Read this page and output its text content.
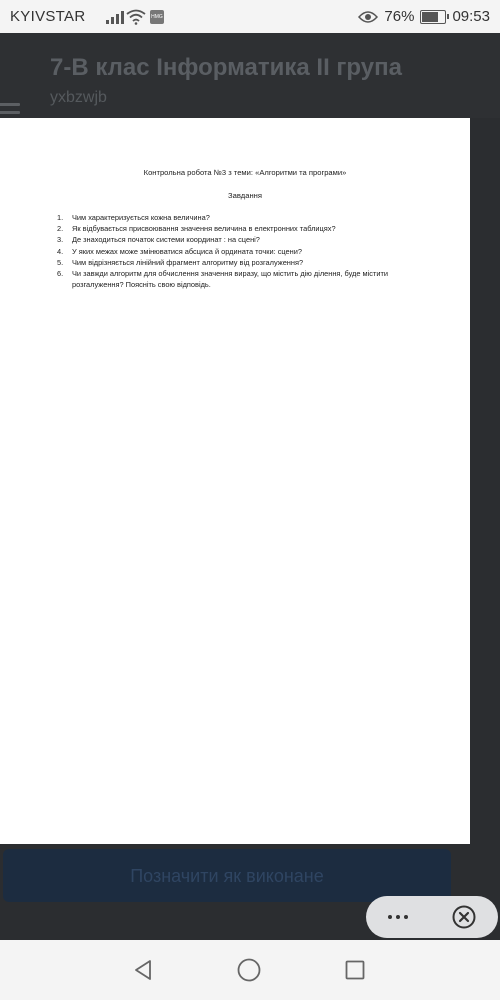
KYIVSTAR	HMG	76%	09:53
7-В клас Інформатика ІІ група
yxbzwjb
Контрольна робота №3 з теми: «Алгоритми та програми»
Завдання
1. Чим характеризується кожна величина?
2. Як відбувається присвоювання значення величина в електронних таблицях?
3. Де знаходиться початок системи координат : на сцені?
4. У яких межах може змінюватися абсциса й ордината точки: сцени?
5. Чим відрізняється лінійний фрагмент алгоритму від розгалуження?
6. Чи завжди алгоритм для обчислення значення виразу, що містить дію ділення, буде містити розгалуження? Поясніть свою відповідь.
Позначити як виконане
